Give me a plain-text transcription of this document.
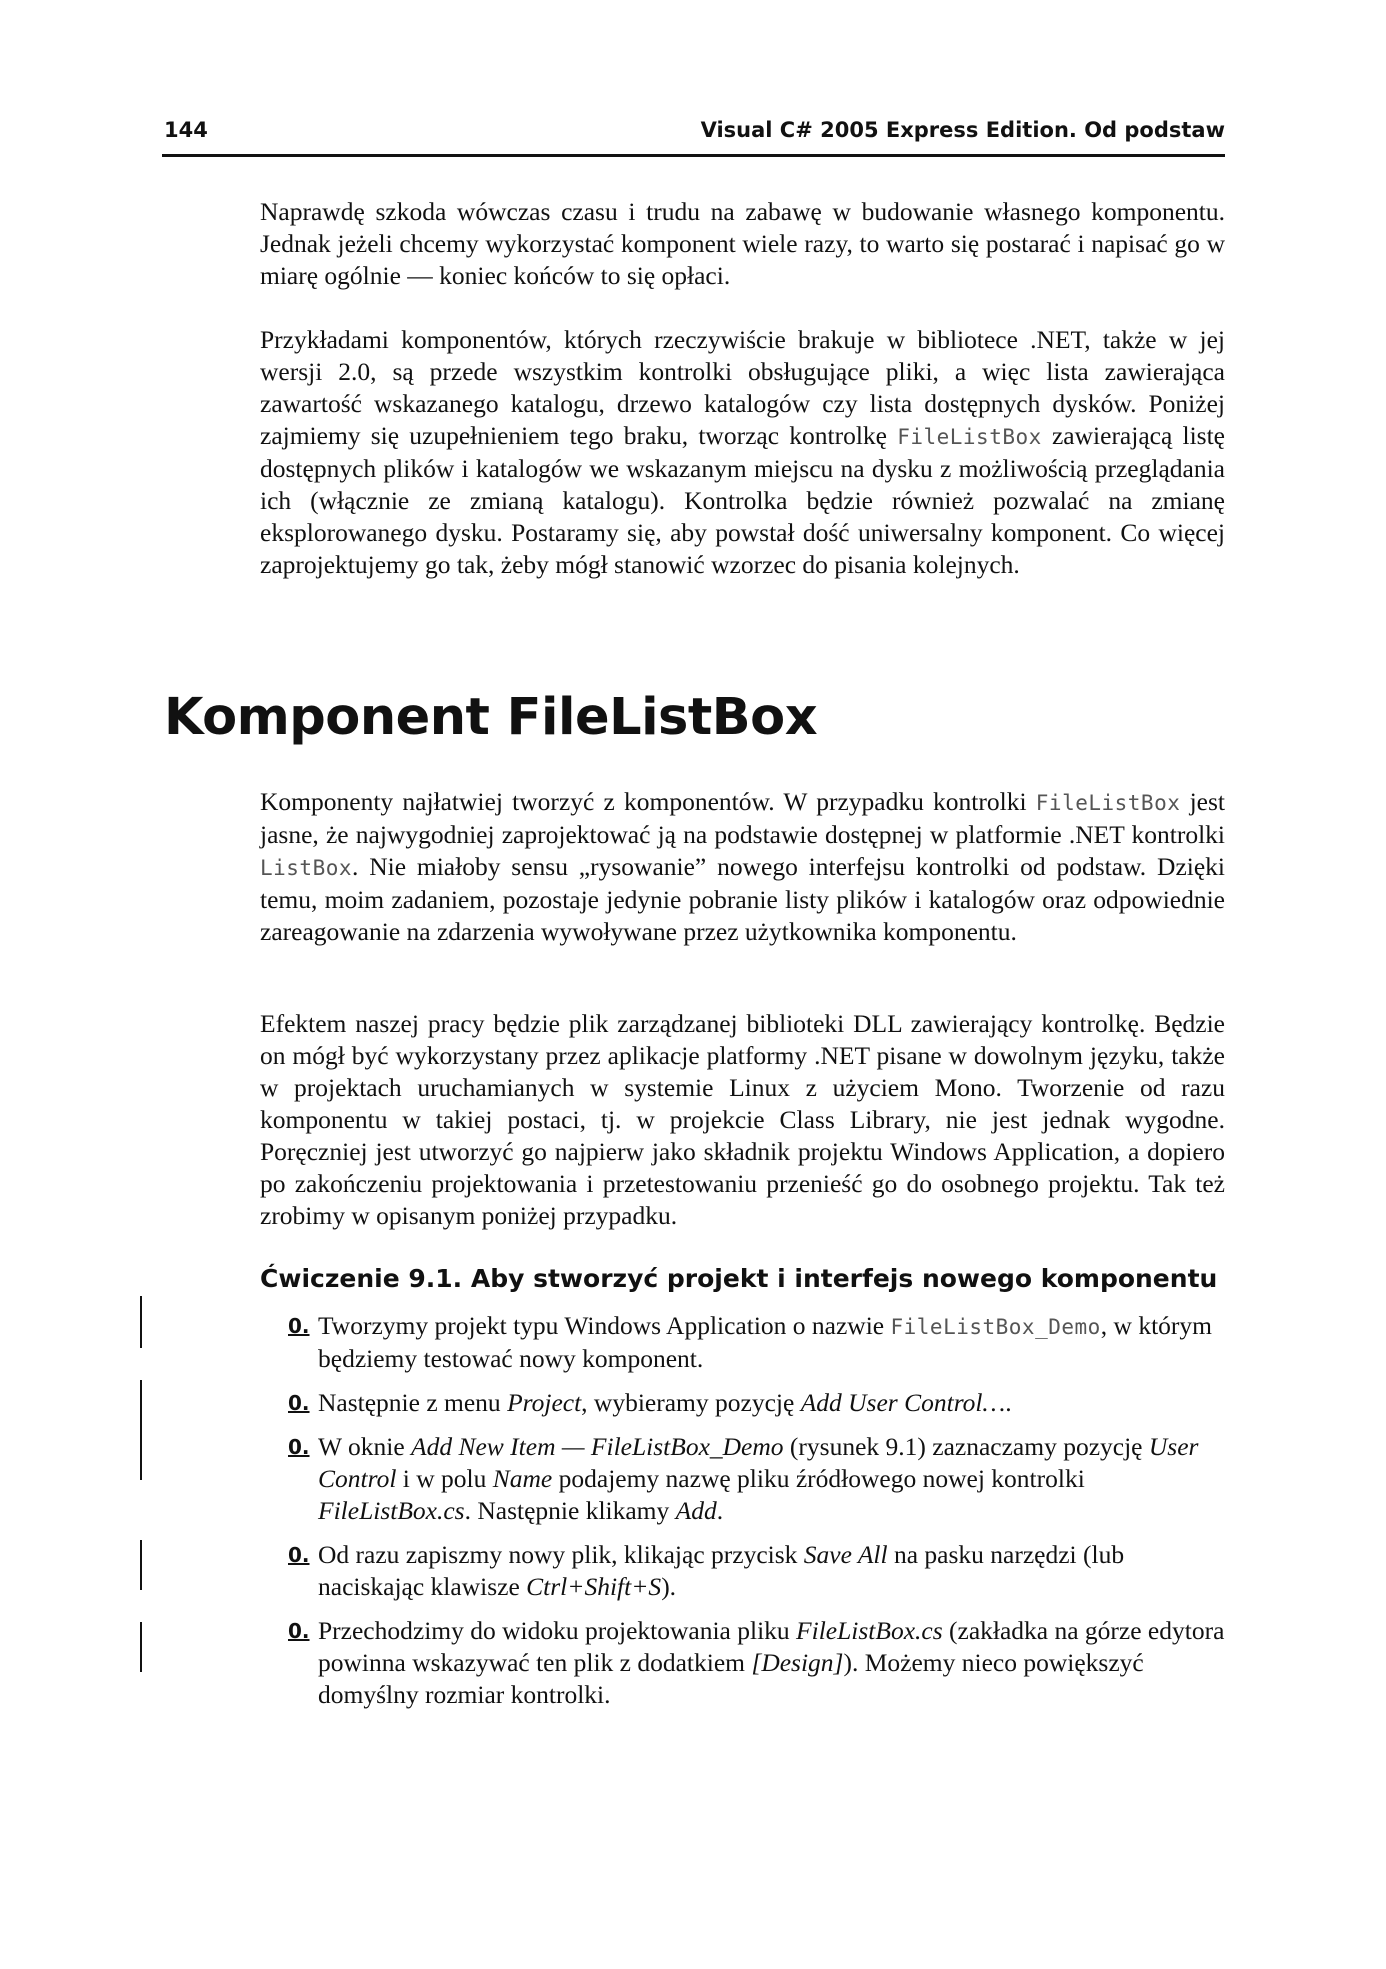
144	Visual C# 2005 Express Edition. Od podstaw

Naprawdę szkoda wówczas czasu i trudu na zabawę w budowanie własnego komponentu. Jednak jeżeli chcemy wykorzystać komponent wiele razy, to warto się postarać i napisać go w miarę ogólnie — koniec końców to się opłaci.

Przykładami komponentów, których rzeczywiście brakuje w bibliotece .NET, także w jej wersji 2.0, są przede wszystkim kontrolki obsługujące pliki, a więc lista zawierająca zawartość wskazanego katalogu, drzewo katalogów czy lista dostępnych dysków. Poniżej zajmiemy się uzupełnieniem tego braku, tworząc kontrolkę FileListBox zawierającą listę dostępnych plików i katalogów we wskazanym miejscu na dysku z możliwością przeglądania ich (włącznie ze zmianą katalogu). Kontrolka będzie również pozwalać na zmianę eksplorowanego dysku. Postaramy się, aby powstał dość uniwersalny komponent. Co więcej zaprojektujemy go tak, żeby mógł stanowić wzorzec do pisania kolejnych.

Komponent FileListBox

Komponenty najłatwiej tworzyć z komponentów. W przypadku kontrolki FileListBox jest jasne, że najwygodniej zaprojektować ją na podstawie dostępnej w platformie .NET kontrolki ListBox. Nie miałoby sensu „rysowanie” nowego interfejsu kontrolki od podstaw. Dzięki temu, moim zadaniem, pozostaje jedynie pobranie listy plików i katalogów oraz odpowiednie zareagowanie na zdarzenia wywoływane przez użytkownika komponentu.

Efektem naszej pracy będzie plik zarządzanej biblioteki DLL zawierający kontrolkę. Będzie on mógł być wykorzystany przez aplikacje platformy .NET pisane w dowolnym języku, także w projektach uruchamianych w systemie Linux z użyciem Mono. Tworzenie od razu komponentu w takiej postaci, tj. w projekcie Class Library, nie jest jednak wygodne. Poręczniej jest utworzyć go najpierw jako składnik projektu Windows Application, a dopiero po zakończeniu projektowania i przetestowaniu przenieść go do osobnego projektu. Tak też zrobimy w opisanym poniżej przypadku.

Ćwiczenie 9.1. Aby stworzyć projekt i interfejs nowego komponentu
0. Tworzymy projekt typu Windows Application o nazwie FileListBox_Demo, w którym będziemy testować nowy komponent.
0. Następnie z menu Project, wybieramy pozycję Add User Control….
0. W oknie Add New Item — FileListBox_Demo (rysunek 9.1) zaznaczamy pozycję User Control i w polu Name podajemy nazwę pliku źródłowego nowej kontrolki FileListBox.cs. Następnie klikamy Add.
0. Od razu zapiszmy nowy plik, klikając przycisk Save All na pasku narzędzi (lub naciskając klawisze Ctrl+Shift+S).
0. Przechodzimy do widoku projektowania pliku FileListBox.cs (zakładka na górze edytora powinna wskazywać ten plik z dodatkiem [Design]). Możemy nieco powiększyć domyślny rozmiar kontrolki.
